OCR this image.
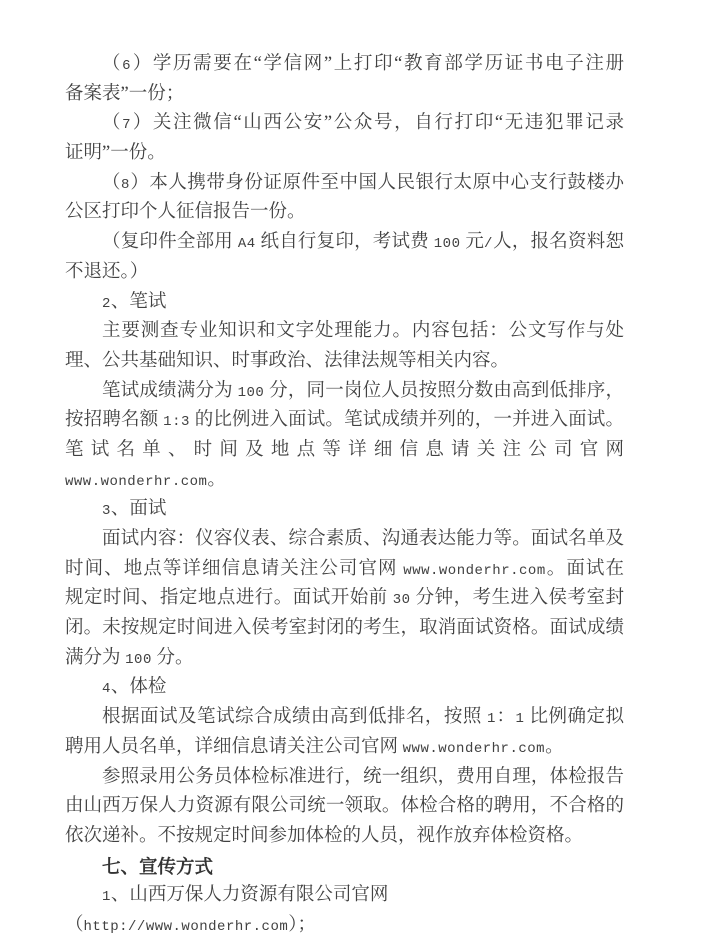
（6）学历需要在“学信网”上打印“教育部学历证书电子注册
备案表”一份；
（7）关注微信“山西公安”公众号，自行打印“无违犯罪记录
证明”一份。
（8）本人携带身份证原件至中国人民银行太原中心支行鼓楼办
公区打印个人征信报告一份。
（复印件全部用 A4 纸自行复印，考试费 100 元/人，报名资料恕
不退还。）
2、笔试
主要测查专业知识和文字处理能力。内容包括：公文写作与处
理、公共基础知识、时事政治、法律法规等相关内容。
笔试成绩满分为 100 分，同一岗位人员按照分数由高到低排序，
按招聘名额 1:3 的比例进入面试。笔试成绩并列的，一并进入面试。
笔试名单、时间及地点等详细信息请关注公司官网
www.wonderhr.com。
3、面试
面试内容：仪容仪表、综合素质、沟通表达能力等。面试名单及
时间、地点等详细信息请关注公司官网 www.wonderhr.com。面试在
规定时间、指定地点进行。面试开始前 30 分钟，考生进入侯考室封
闭。未按规定时间进入侯考室封闭的考生，取消面试资格。面试成绩
满分为 100 分。
4、体检
根据面试及笔试综合成绩由高到低排名，按照 1：1 比例确定拟
聘用人员名单，详细信息请关注公司官网 www.wonderhr.com。
参照录用公务员体检标准进行，统一组织，费用自理，体检报告
由山西万保人力资源有限公司统一领取。体检合格的聘用，不合格的
依次递补。不按规定时间参加体检的人员，视作放弃体检资格。
七、宣传方式
1、山西万保人力资源有限公司官网
（http://www.wonderhr.com）；
